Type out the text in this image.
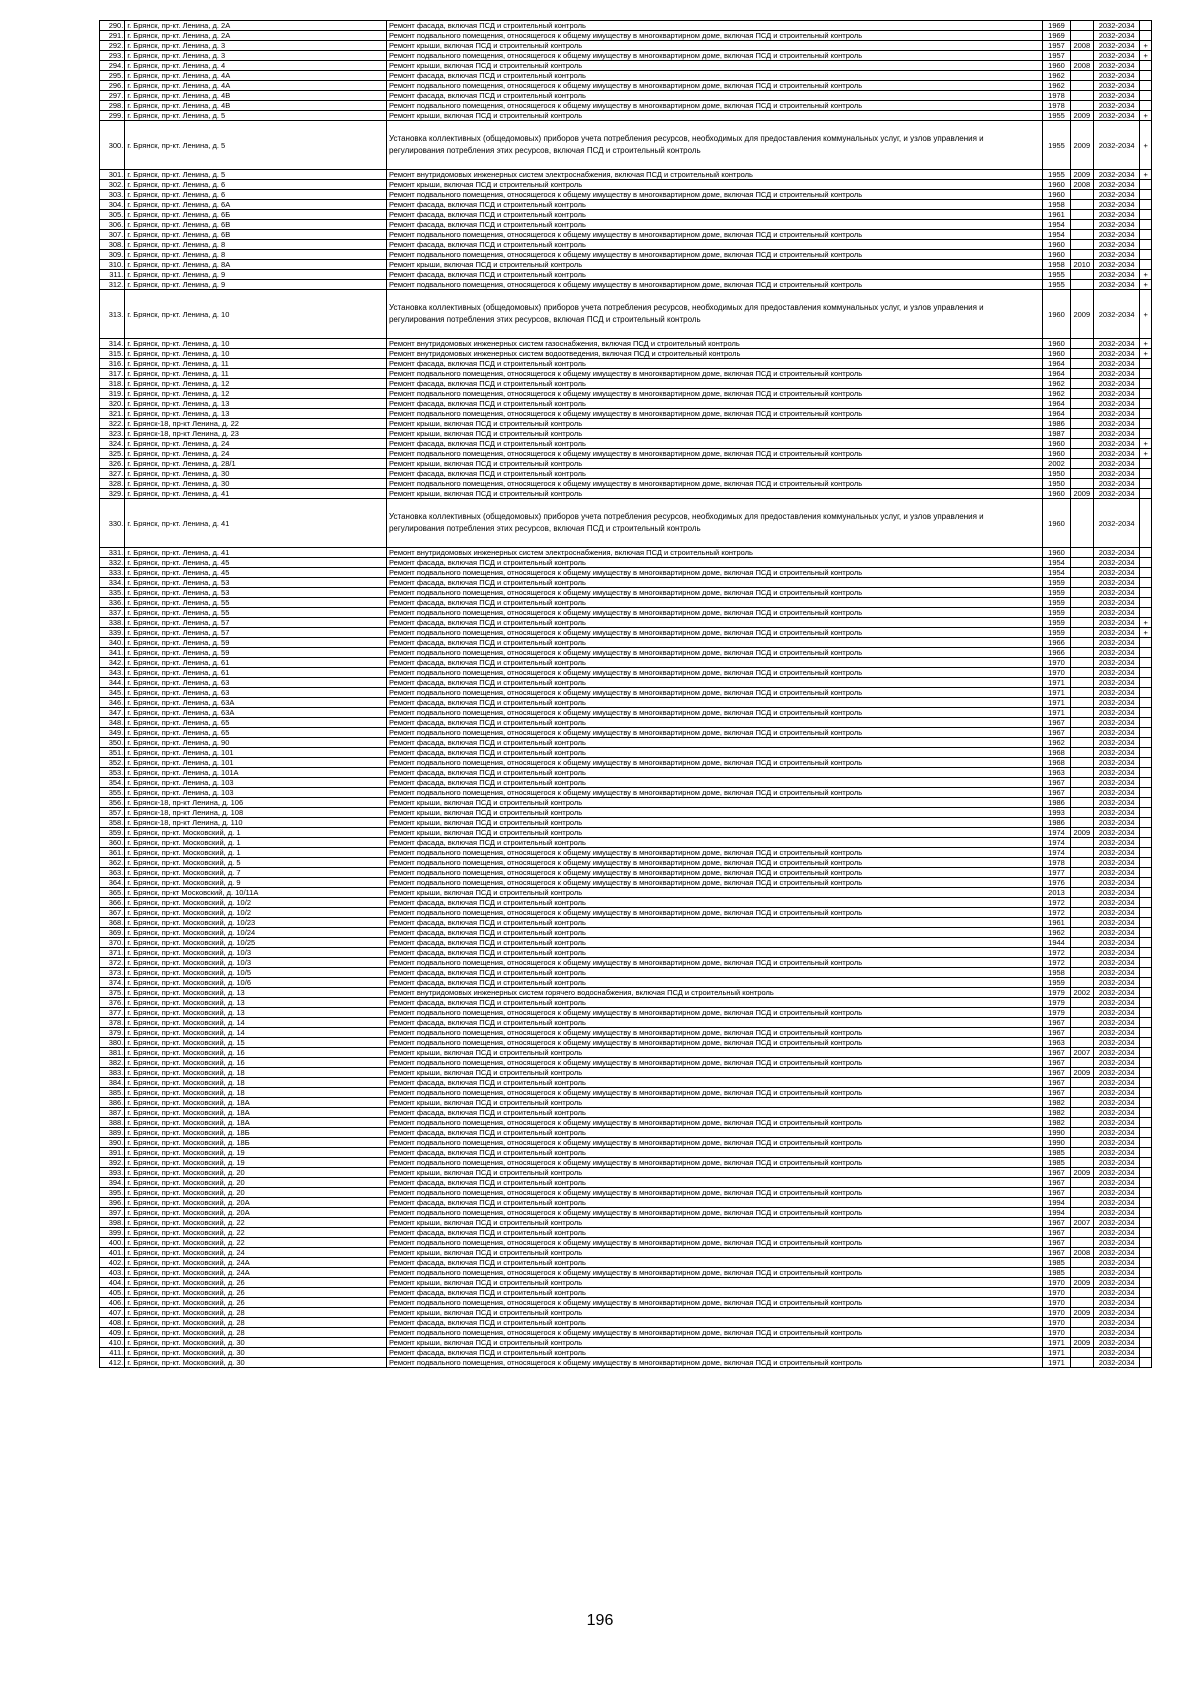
290.	г. Брянск, пр-кт. Ленина, д. 2А	Ремонт фасада, включая ПСД и строительный контроль	1969		2032-2034	
291.	г. Брянск, пр-кт. Ленина, д. 2А	Ремонт подвального помещения, относящегося к общему имуществу в многоквартирном доме, включая ПСД и строительный контроль	1969		2032-2034	
292.	г. Брянск, пр-кт. Ленина, д. 3	Ремонт крыши, включая ПСД и строительный контроль	1957	2008	2032-2034	+
293.	г. Брянск, пр-кт. Ленина, д. 3	Ремонт подвального помещения, относящегося к общему имуществу в многоквартирном доме, включая ПСД и строительный контроль	1957		2032-2034	+
294.	г. Брянск, пр-кт. Ленина, д. 4	Ремонт крыши, включая ПСД и строительный контроль	1960	2008	2032-2034	
295.	г. Брянск, пр-кт. Ленина, д. 4А	Ремонт фасада, включая ПСД и строительный контроль	1962		2032-2034	
296.	г. Брянск, пр-кт. Ленина, д. 4А	Ремонт подвального помещения, относящегося к общему имуществу в многоквартирном доме, включая ПСД и строительный контроль	1962		2032-2034	
297.	г. Брянск, пр-кт. Ленина, д. 4В	Ремонт фасада, включая ПСД и строительный контроль	1978		2032-2034	
298.	г. Брянск, пр-кт. Ленина, д. 4В	Ремонт подвального помещения, относящегося к общему имуществу в многоквартирном доме, включая ПСД и строительный контроль	1978		2032-2034	
299.	г. Брянск, пр-кт. Ленина, д. 5	Ремонт крыши, включая ПСД и строительный контроль	1955	2009	2032-2034	+
300.	г. Брянск, пр-кт. Ленина, д. 5	Установка коллективных (общедомовых) приборов учета потребления ресурсов, необходимых для предоставления коммунальных услуг, и узлов управления и регулирования потребления этих ресурсов, включая ПСД и строительный контроль	1955	2009	2032-2034	+
301.	г. Брянск, пр-кт. Ленина, д. 5	Ремонт внутридомовых инженерных систем электроснабжения, включая ПСД и строительный контроль	1955	2009	2032-2034	+
302.	г. Брянск, пр-кт. Ленина, д. 6	Ремонт крыши, включая ПСД и строительный контроль	1960	2008	2032-2034	
303.	г. Брянск, пр-кт. Ленина, д. 6	Ремонт подвального помещения, относящегося к общему имуществу в многоквартирном доме, включая ПСД и строительный контроль	1960		2032-2034	
304.	г. Брянск, пр-кт. Ленина, д. 6А	Ремонт фасада, включая ПСД и строительный контроль	1958		2032-2034	
305.	г. Брянск, пр-кт. Ленина, д. 6Б	Ремонт фасада, включая ПСД и строительный контроль	1961		2032-2034	
306.	г. Брянск, пр-кт. Ленина, д. 6В	Ремонт фасада, включая ПСД и строительный контроль	1954		2032-2034	
307.	г. Брянск, пр-кт. Ленина, д. 6В	Ремонт подвального помещения, относящегося к общему имуществу в многоквартирном доме, включая ПСД и строительный контроль	1954		2032-2034	
308.	г. Брянск, пр-кт. Ленина, д. 8	Ремонт фасада, включая ПСД и строительный контроль	1960		2032-2034	
309.	г. Брянск, пр-кт. Ленина, д. 8	Ремонт подвального помещения, относящегося к общему имуществу в многоквартирном доме, включая ПСД и строительный контроль	1960		2032-2034	
310.	г. Брянск, пр-кт. Ленина, д. 8А	Ремонт крыши, включая ПСД и строительный контроль	1958	2010	2032-2034	
311.	г. Брянск, пр-кт. Ленина, д. 9	Ремонт фасада, включая ПСД и строительный контроль	1955		2032-2034	+
312.	г. Брянск, пр-кт. Ленина, д. 9	Ремонт подвального помещения, относящегося к общему имуществу в многоквартирном доме, включая ПСД и строительный контроль	1955		2032-2034	+
313.	г. Брянск, пр-кт. Ленина, д. 10	Установка коллективных (общедомовых) приборов учета потребления ресурсов, необходимых для предоставления коммунальных услуг, и узлов управления и регулирования потребления этих ресурсов, включая ПСД и строительный контроль	1960	2009	2032-2034	+
314.	г. Брянск, пр-кт. Ленина, д. 10	Ремонт внутридомовых инженерных систем газоснабжения, включая ПСД и строительный контроль	1960		2032-2034	+
315.	г. Брянск, пр-кт. Ленина, д. 10	Ремонт внутридомовых инженерных систем водоотведения, включая ПСД и строительный контроль	1960		2032-2034	+
316.	г. Брянск, пр-кт. Ленина, д. 11	Ремонт фасада, включая ПСД и строительный контроль	1964		2032-2034	
317.	г. Брянск, пр-кт. Ленина, д. 11	Ремонт подвального помещения, относящегося к общему имуществу в многоквартирном доме, включая ПСД и строительный контроль	1964		2032-2034	
318.	г. Брянск, пр-кт. Ленина, д. 12	Ремонт фасада, включая ПСД и строительный контроль	1962		2032-2034	
319.	г. Брянск, пр-кт. Ленина, д. 12	Ремонт подвального помещения, относящегося к общему имуществу в многоквартирном доме, включая ПСД и строительный контроль	1962		2032-2034	
320.	г. Брянск, пр-кт. Ленина, д. 13	Ремонт фасада, включая ПСД и строительный контроль	1964		2032-2034	
321.	г. Брянск, пр-кт. Ленина, д. 13	Ремонт подвального помещения, относящегося к общему имуществу в многоквартирном доме, включая ПСД и строительный контроль	1964		2032-2034	
322.	г. Брянск-18, пр-кт Ленина, д. 22	Ремонт крыши, включая ПСД и строительный контроль	1986		2032-2034	
323.	г. Брянск-18, пр-кт Ленина, д. 23	Ремонт крыши, включая ПСД и строительный контроль	1987		2032-2034	
324.	г. Брянск, пр-кт. Ленина, д. 24	Ремонт фасада, включая ПСД и строительный контроль	1960		2032-2034	+
325.	г. Брянск, пр-кт. Ленина, д. 24	Ремонт подвального помещения, относящегося к общему имуществу в многоквартирном доме, включая ПСД и строительный контроль	1960		2032-2034	+
326.	г. Брянск, пр-кт. Ленина, д. 28/1	Ремонт крыши, включая ПСД и строительный контроль	2002		2032-2034	
327.	г. Брянск, пр-кт. Ленина, д. 30	Ремонт фасада, включая ПСД и строительный контроль	1950		2032-2034	
328.	г. Брянск, пр-кт. Ленина, д. 30	Ремонт подвального помещения, относящегося к общему имуществу в многоквартирном доме, включая ПСД и строительный контроль	1950		2032-2034	
329.	г. Брянск, пр-кт. Ленина, д. 41	Ремонт крыши, включая ПСД и строительный контроль	1960	2009	2032-2034	
330.	г. Брянск, пр-кт. Ленина, д. 41	Установка коллективных (общедомовых) приборов учета потребления ресурсов, необходимых для предоставления коммунальных услуг, и узлов управления и регулирования потребления этих ресурсов, включая ПСД и строительный контроль	1960		2032-2034	
331.	г. Брянск, пр-кт. Ленина, д. 41	Ремонт внутридомовых инженерных систем электроснабжения, включая ПСД и строительный контроль	1960		2032-2034	
332.	г. Брянск, пр-кт. Ленина, д. 45	Ремонт фасада, включая ПСД и строительный контроль	1954		2032-2034	
333.	г. Брянск, пр-кт. Ленина, д. 45	Ремонт подвального помещения, относящегося к общему имуществу в многоквартирном доме, включая ПСД и строительный контроль	1954		2032-2034	
334.	г. Брянск, пр-кт. Ленина, д. 53	Ремонт фасада, включая ПСД и строительный контроль	1959		2032-2034	
335.	г. Брянск, пр-кт. Ленина, д. 53	Ремонт подвального помещения, относящегося к общему имуществу в многоквартирном доме, включая ПСД и строительный контроль	1959		2032-2034	
336.	г. Брянск, пр-кт. Ленина, д. 55	Ремонт фасада, включая ПСД и строительный контроль	1959		2032-2034	
337.	г. Брянск, пр-кт. Ленина, д. 55	Ремонт подвального помещения, относящегося к общему имуществу в многоквартирном доме, включая ПСД и строительный контроль	1959		2032-2034	
338.	г. Брянск, пр-кт. Ленина, д. 57	Ремонт фасада, включая ПСД и строительный контроль	1959		2032-2034	+
339.	г. Брянск, пр-кт. Ленина, д. 57	Ремонт подвального помещения, относящегося к общему имуществу в многоквартирном доме, включая ПСД и строительный контроль	1959		2032-2034	+
340.	г. Брянск, пр-кт. Ленина, д. 59	Ремонт фасада, включая ПСД и строительный контроль	1966		2032-2034	
341.	г. Брянск, пр-кт. Ленина, д. 59	Ремонт подвального помещения, относящегося к общему имуществу в многоквартирном доме, включая ПСД и строительный контроль	1966		2032-2034	
342.	г. Брянск, пр-кт. Ленина, д. 61	Ремонт фасада, включая ПСД и строительный контроль	1970		2032-2034	
343.	г. Брянск, пр-кт. Ленина, д. 61	Ремонт подвального помещения, относящегося к общему имуществу в многоквартирном доме, включая ПСД и строительный контроль	1970		2032-2034	
344.	г. Брянск, пр-кт. Ленина, д. 63	Ремонт фасада, включая ПСД и строительный контроль	1971		2032-2034	
345.	г. Брянск, пр-кт. Ленина, д. 63	Ремонт подвального помещения, относящегося к общему имуществу в многоквартирном доме, включая ПСД и строительный контроль	1971		2032-2034	
346.	г. Брянск, пр-кт. Ленина, д. 63А	Ремонт фасада, включая ПСД и строительный контроль	1971		2032-2034	
347.	г. Брянск, пр-кт. Ленина, д. 63А	Ремонт подвального помещения, относящегося к общему имуществу в многоквартирном доме, включая ПСД и строительный контроль	1971		2032-2034	
348.	г. Брянск, пр-кт. Ленина, д. 65	Ремонт фасада, включая ПСД и строительный контроль	1967		2032-2034	
349.	г. Брянск, пр-кт. Ленина, д. 65	Ремонт подвального помещения, относящегося к общему имуществу в многоквартирном доме, включая ПСД и строительный контроль	1967		2032-2034	
350.	г. Брянск, пр-кт. Ленина, д. 90	Ремонт фасада, включая ПСД и строительный контроль	1962		2032-2034	
351.	г. Брянск, пр-кт. Ленина, д. 101	Ремонт фасада, включая ПСД и строительный контроль	1968		2032-2034	
352.	г. Брянск, пр-кт. Ленина, д. 101	Ремонт подвального помещения, относящегося к общему имуществу в многоквартирном доме, включая ПСД и строительный контроль	1968		2032-2034	
353.	г. Брянск, пр-кт. Ленина, д. 101А	Ремонт фасада, включая ПСД и строительный контроль	1963		2032-2034	
354.	г. Брянск, пр-кт. Ленина, д. 103	Ремонт фасада, включая ПСД и строительный контроль	1967		2032-2034	
355.	г. Брянск, пр-кт. Ленина, д. 103	Ремонт подвального помещения, относящегося к общему имуществу в многоквартирном доме, включая ПСД и строительный контроль	1967		2032-2034	
356.	г. Брянск-18, пр-кт Ленина, д. 106	Ремонт крыши, включая ПСД и строительный контроль	1986		2032-2034	
357.	г. Брянск-18, пр-кт Ленина, д. 108	Ремонт крыши, включая ПСД и строительный контроль	1993		2032-2034	
358.	г. Брянск-18, пр-кт Ленина, д. 110	Ремонт крыши, включая ПСД и строительный контроль	1986		2032-2034	
359.	г. Брянск, пр-кт. Московский, д. 1	Ремонт крыши, включая ПСД и строительный контроль	1974	2009	2032-2034	
360.	г. Брянск, пр-кт. Московский, д. 1	Ремонт фасада, включая ПСД и строительный контроль	1974		2032-2034	
361.	г. Брянск, пр-кт. Московский, д. 1	Ремонт подвального помещения, относящегося к общему имуществу в многоквартирном доме, включая ПСД и строительный контроль	1974		2032-2034	
362.	г. Брянск, пр-кт. Московский, д. 5	Ремонт подвального помещения, относящегося к общему имуществу в многоквартирном доме, включая ПСД и строительный контроль	1978		2032-2034	
363.	г. Брянск, пр-кт. Московский, д. 7	Ремонт подвального помещения, относящегося к общему имуществу в многоквартирном доме, включая ПСД и строительный контроль	1977		2032-2034	
364.	г. Брянск, пр-кт. Московский, д. 9	Ремонт подвального помещения, относящегося к общему имуществу в многоквартирном доме, включая ПСД и строительный контроль	1976		2032-2034	
365.	г. Брянск, пр-кт Московский, д. 10/11А	Ремонт крыши, включая ПСД и строительный контроль	2013		2032-2034	
366.	г. Брянск, пр-кт. Московский, д. 10/2	Ремонт фасада, включая ПСД и строительный контроль	1972		2032-2034	
367.	г. Брянск, пр-кт. Московский, д. 10/2	Ремонт подвального помещения, относящегося к общему имуществу в многоквартирном доме, включая ПСД и строительный контроль	1972		2032-2034	
368.	г. Брянск, пр-кт. Московский, д. 10/23	Ремонт фасада, включая ПСД и строительный контроль	1961		2032-2034	
369.	г. Брянск, пр-кт. Московский, д. 10/24	Ремонт фасада, включая ПСД и строительный контроль	1962		2032-2034	
370.	г. Брянск, пр-кт. Московский, д. 10/25	Ремонт фасада, включая ПСД и строительный контроль	1944		2032-2034	
371.	г. Брянск, пр-кт. Московский, д. 10/3	Ремонт фасада, включая ПСД и строительный контроль	1972		2032-2034	
372.	г. Брянск, пр-кт. Московский, д. 10/3	Ремонт подвального помещения, относящегося к общему имуществу в многоквартирном доме, включая ПСД и строительный контроль	1972		2032-2034	
373.	г. Брянск, пр-кт. Московский, д. 10/5	Ремонт фасада, включая ПСД и строительный контроль	1958		2032-2034	
374.	г. Брянск, пр-кт. Московский, д. 10/6	Ремонт фасада, включая ПСД и строительный контроль	1959		2032-2034	
375.	г. Брянск, пр-кт. Московский, д. 13	Ремонт внутридомовых инженерных систем горячего водоснабжения, включая ПСД и строительный контроль	1979	2002	2032-2034	
376.	г. Брянск, пр-кт. Московский, д. 13	Ремонт фасада, включая ПСД и строительный контроль	1979		2032-2034	
377.	г. Брянск, пр-кт. Московский, д. 13	Ремонт подвального помещения, относящегося к общему имуществу в многоквартирном доме, включая ПСД и строительный контроль	1979		2032-2034	
378.	г. Брянск, пр-кт. Московский, д. 14	Ремонт фасада, включая ПСД и строительный контроль	1967		2032-2034	
379.	г. Брянск, пр-кт. Московский, д. 14	Ремонт подвального помещения, относящегося к общему имуществу в многоквартирном доме, включая ПСД и строительный контроль	1967		2032-2034	
380.	г. Брянск, пр-кт. Московский, д. 15	Ремонт подвального помещения, относящегося к общему имуществу в многоквартирном доме, включая ПСД и строительный контроль	1963		2032-2034	
381.	г. Брянск, пр-кт. Московский, д. 16	Ремонт крыши, включая ПСД и строительный контроль	1967	2007	2032-2034	
382.	г. Брянск, пр-кт. Московский, д. 16	Ремонт подвального помещения, относящегося к общему имуществу в многоквартирном доме, включая ПСД и строительный контроль	1967		2032-2034	
383.	г. Брянск, пр-кт. Московский, д. 18	Ремонт крыши, включая ПСД и строительный контроль	1967	2009	2032-2034	
384.	г. Брянск, пр-кт. Московский, д. 18	Ремонт фасада, включая ПСД и строительный контроль	1967		2032-2034	
385.	г. Брянск, пр-кт. Московский, д. 18	Ремонт подвального помещения, относящегося к общему имуществу в многоквартирном доме, включая ПСД и строительный контроль	1967		2032-2034	
386.	г. Брянск, пр-кт. Московский, д. 18А	Ремонт крыши, включая ПСД и строительный контроль	1982		2032-2034	
387.	г. Брянск, пр-кт. Московский, д. 18А	Ремонт фасада, включая ПСД и строительный контроль	1982		2032-2034	
388.	г. Брянск, пр-кт. Московский, д. 18А	Ремонт подвального помещения, относящегося к общему имуществу в многоквартирном доме, включая ПСД и строительный контроль	1982		2032-2034	
389.	г. Брянск, пр-кт. Московский, д. 18Б	Ремонт фасада, включая ПСД и строительный контроль	1990		2032-2034	
390.	г. Брянск, пр-кт. Московский, д. 18Б	Ремонт подвального помещения, относящегося к общему имуществу в многоквартирном доме, включая ПСД и строительный контроль	1990		2032-2034	
391.	г. Брянск, пр-кт. Московский, д. 19	Ремонт фасада, включая ПСД и строительный контроль	1985		2032-2034	
392.	г. Брянск, пр-кт. Московский, д. 19	Ремонт подвального помещения, относящегося к общему имуществу в многоквартирном доме, включая ПСД и строительный контроль	1985		2032-2034	
393.	г. Брянск, пр-кт. Московский, д. 20	Ремонт крыши, включая ПСД и строительный контроль	1967	2009	2032-2034	
394.	г. Брянск, пр-кт. Московский, д. 20	Ремонт фасада, включая ПСД и строительный контроль	1967		2032-2034	
395.	г. Брянск, пр-кт. Московский, д. 20	Ремонт подвального помещения, относящегося к общему имуществу в многоквартирном доме, включая ПСД и строительный контроль	1967		2032-2034	
396.	г. Брянск, пр-кт. Московский, д. 20А	Ремонт фасада, включая ПСД и строительный контроль	1994		2032-2034	
397.	г. Брянск, пр-кт. Московский, д. 20А	Ремонт подвального помещения, относящегося к общему имуществу в многоквартирном доме, включая ПСД и строительный контроль	1994		2032-2034	
398.	г. Брянск, пр-кт. Московский, д. 22	Ремонт крыши, включая ПСД и строительный контроль	1967	2007	2032-2034	
399.	г. Брянск, пр-кт. Московский, д. 22	Ремонт фасада, включая ПСД и строительный контроль	1967		2032-2034	
400.	г. Брянск, пр-кт. Московский, д. 22	Ремонт подвального помещения, относящегося к общему имуществу в многоквартирном доме, включая ПСД и строительный контроль	1967		2032-2034	
401.	г. Брянск, пр-кт. Московский, д. 24	Ремонт крыши, включая ПСД и строительный контроль	1967	2008	2032-2034	
402.	г. Брянск, пр-кт. Московский, д. 24А	Ремонт фасада, включая ПСД и строительный контроль	1985		2032-2034	
403.	г. Брянск, пр-кт. Московский, д. 24А	Ремонт подвального помещения, относящегося к общему имуществу в многоквартирном доме, включая ПСД и строительный контроль	1985		2032-2034	
404.	г. Брянск, пр-кт. Московский, д. 26	Ремонт крыши, включая ПСД и строительный контроль	1970	2009	2032-2034	
405.	г. Брянск, пр-кт. Московский, д. 26	Ремонт фасада, включая ПСД и строительный контроль	1970		2032-2034	
406.	г. Брянск, пр-кт. Московский, д. 26	Ремонт подвального помещения, относящегося к общему имуществу в многоквартирном доме, включая ПСД и строительный контроль	1970		2032-2034	
407.	г. Брянск, пр-кт. Московский, д. 28	Ремонт крыши, включая ПСД и строительный контроль	1970	2009	2032-2034	
408.	г. Брянск, пр-кт. Московский, д. 28	Ремонт фасада, включая ПСД и строительный контроль	1970		2032-2034	
409.	г. Брянск, пр-кт. Московский, д. 28	Ремонт подвального помещения, относящегося к общему имуществу в многоквартирном доме, включая ПСД и строительный контроль	1970		2032-2034	
410.	г. Брянск, пр-кт. Московский, д. 30	Ремонт крыши, включая ПСД и строительный контроль	1971	2009	2032-2034	
411.	г. Брянск, пр-кт. Московский, д. 30	Ремонт фасада, включая ПСД и строительный контроль	1971		2032-2034	
412.	г. Брянск, пр-кт. Московский, д. 30	Ремонт подвального помещения, относящегося к общему имуществу в многоквартирном доме, включая ПСД и строительный контроль	1971		2032-2034	
196
